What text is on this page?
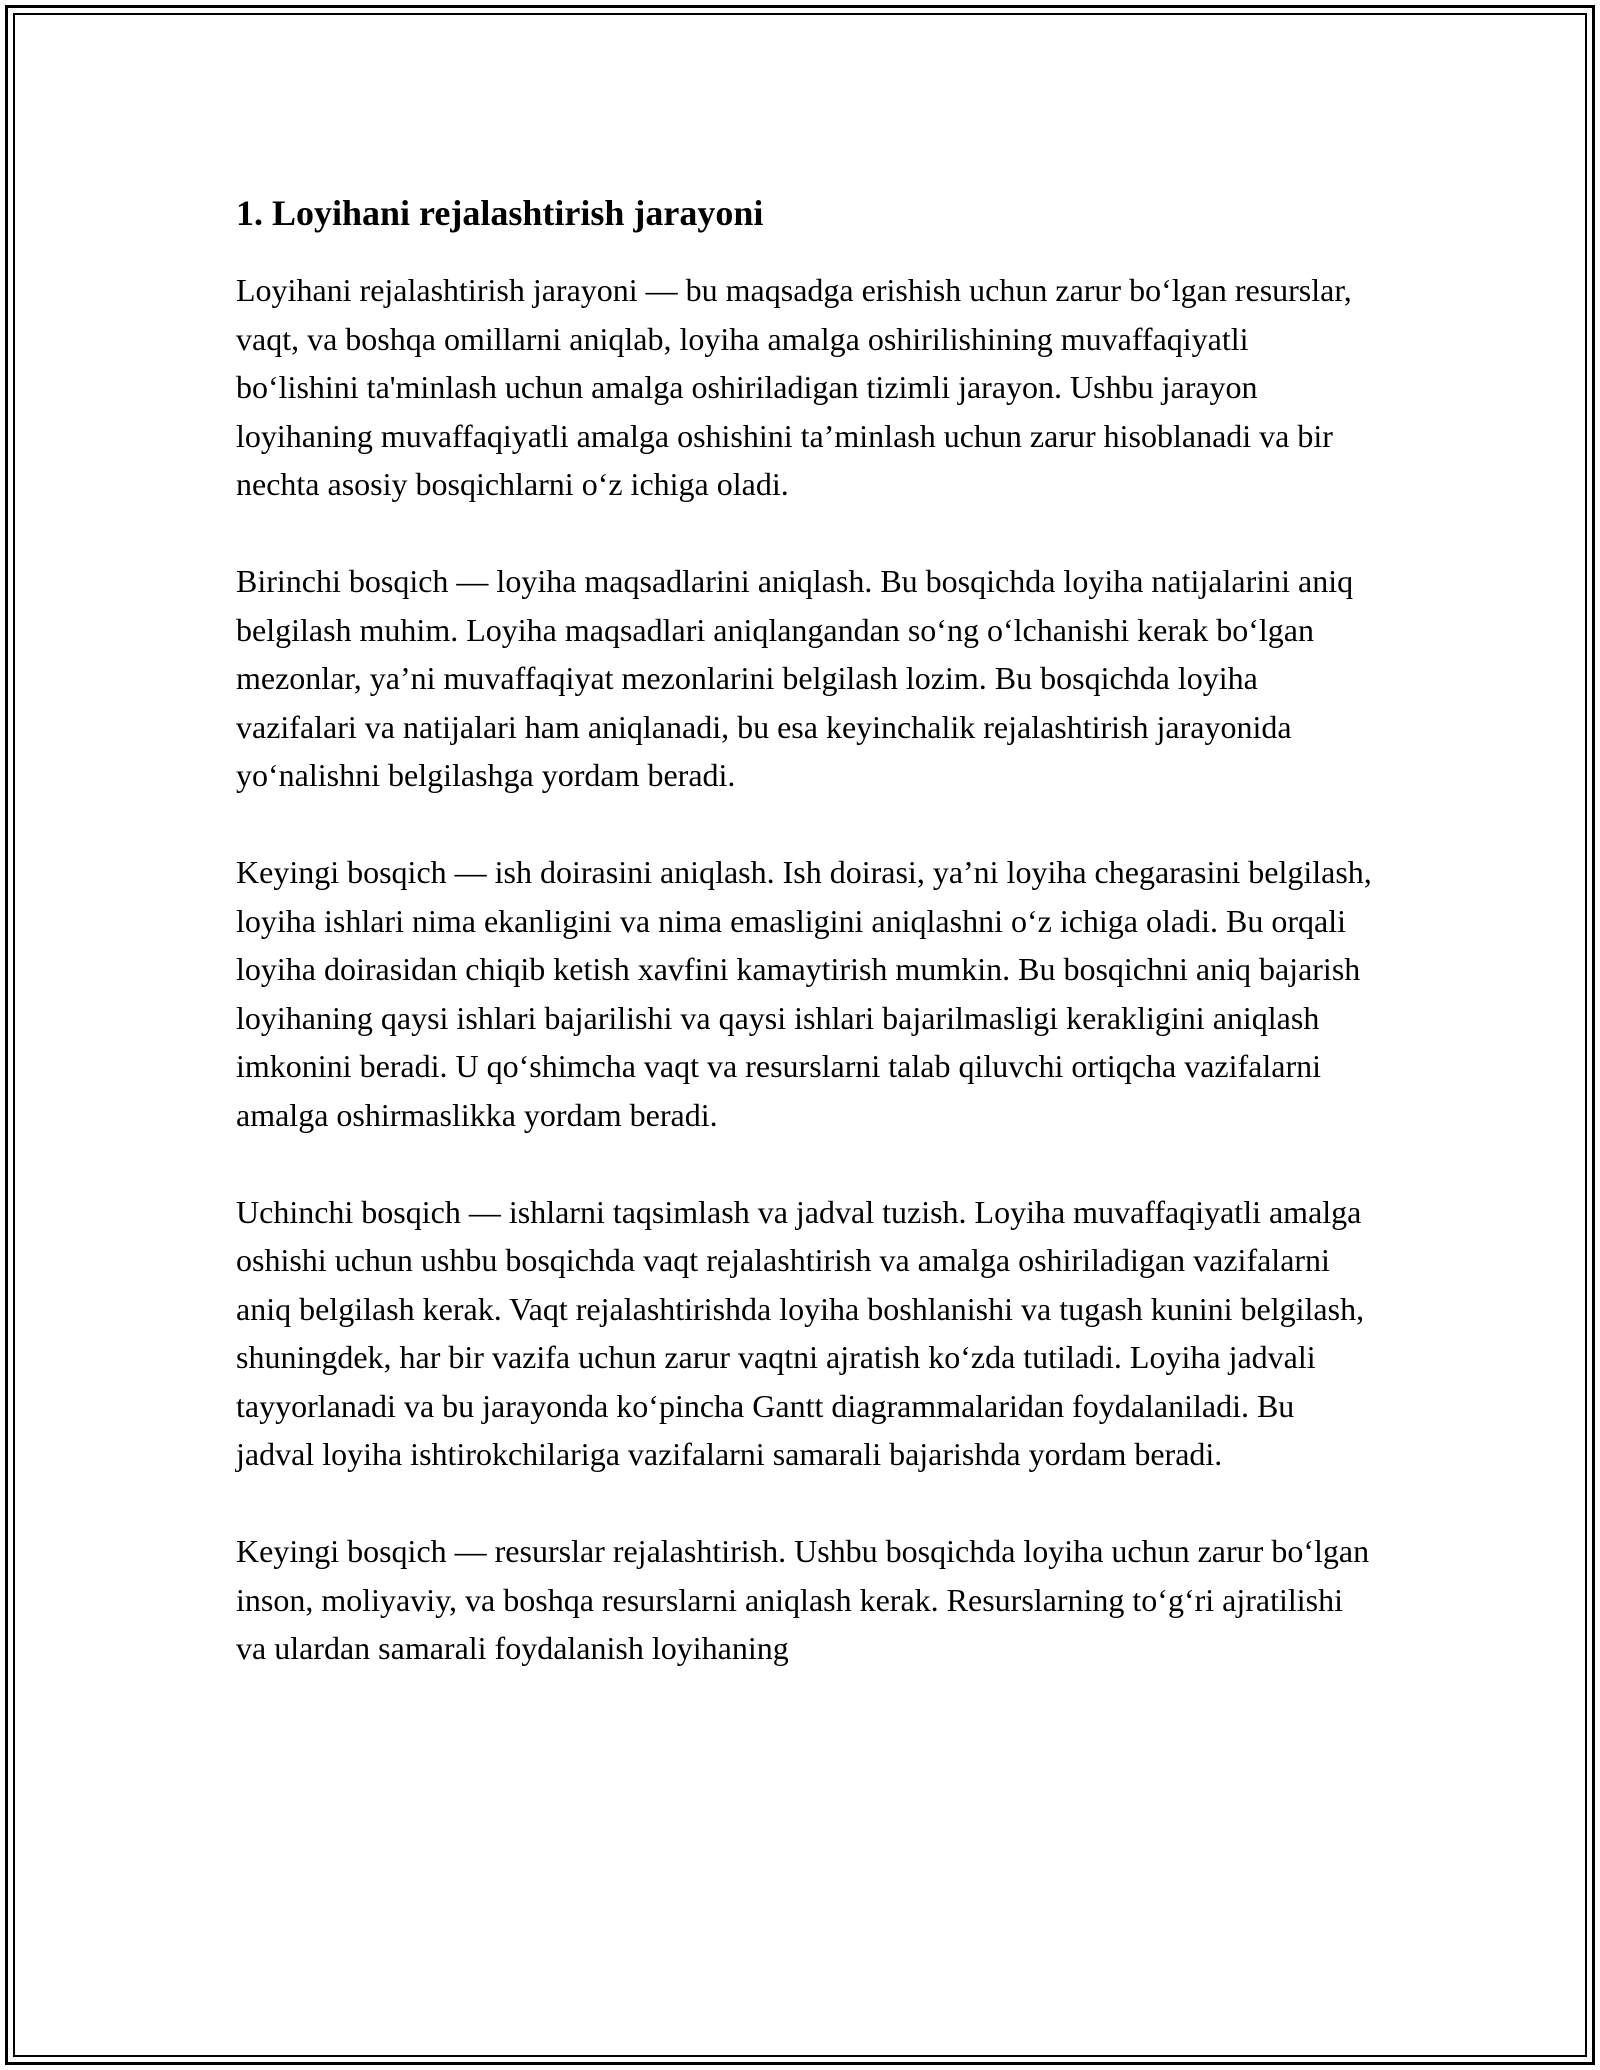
1. Loyihani rejalashtirish jarayoni

Loyihani rejalashtirish jarayoni — bu maqsadga erishish uchun zarur bo‘lgan resurslar, vaqt, va boshqa omillarni aniqlab, loyiha amalga oshirilishining muvaffaqiyatli bo‘lishini ta'minlash uchun amalga oshiriladigan tizimli jarayon. Ushbu jarayon loyihaning muvaffaqiyatli amalga oshishini ta’minlash uchun zarur hisoblanadi va bir nechta asosiy bosqichlarni o‘z ichiga oladi.

Birinchi bosqich — loyiha maqsadlarini aniqlash. Bu bosqichda loyiha natijalarini aniq belgilash muhim. Loyiha maqsadlari aniqlangandan so‘ng o‘lchanishi kerak bo‘lgan mezonlar, ya’ni muvaffaqiyat mezonlarini belgilash lozim. Bu bosqichda loyiha vazifalari va natijalari ham aniqlanadi, bu esa keyinchalik rejalashtirish jarayonida yo‘nalishni belgilashga yordam beradi.

Keyingi bosqich — ish doirasini aniqlash. Ish doirasi, ya’ni loyiha chegarasini belgilash, loyiha ishlari nima ekanligini va nima emasligini aniqlashni o‘z ichiga oladi. Bu orqali loyiha doirasidan chiqib ketish xavfini kamaytirish mumkin. Bu bosqichni aniq bajarish loyihaning qaysi ishlari bajarilishi va qaysi ishlari bajarilmasligi kerakligini aniqlash imkonini beradi. U qo‘shimcha vaqt va resurslarni talab qiluvchi ortiqcha vazifalarni amalga oshirmaslikka yordam beradi.

Uchinchi bosqich — ishlarni taqsimlash va jadval tuzish. Loyiha muvaffaqiyatli amalga oshishi uchun ushbu bosqichda vaqt rejalashtirish va amalga oshiriladigan vazifalarni aniq belgilash kerak. Vaqt rejalashtirishda loyiha boshlanishi va tugash kunini belgilash, shuningdek, har bir vazifa uchun zarur vaqtni ajratish ko‘zda tutiladi. Loyiha jadvali tayyorlanadi va bu jarayonda ko‘pincha Gantt diagrammalaridan foydalaniladi. Bu jadval loyiha ishtirokchilariga vazifalarni samarali bajarishda yordam beradi.

Keyingi bosqich — resurslar rejalashtirish. Ushbu bosqichda loyiha uchun zarur bo‘lgan inson, moliyaviy, va boshqa resurslarni aniqlash kerak. Resurslarning to‘g‘ri ajratilishi va ulardan samarali foydalanish loyihaning
